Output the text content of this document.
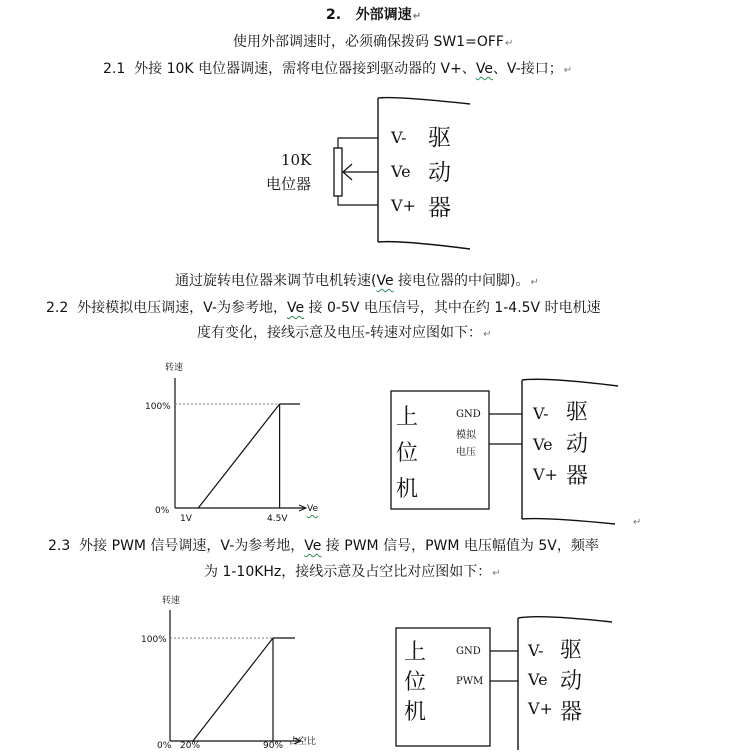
2. 外部调速↵
使用外部调速时，必须确保拨码 SW1=OFF↵
2.1 外接 10K 电位器调速，需将电位器接到驱动器的 V+、Ve、V-接口；↵
10K
电位器
V-
Ve
V+
驱
动
器
通过旋转电位器来调节电机转速(Ve 接电位器的中间脚)。↵
2.2 外接模拟电压调速，V-为参考地，Ve 接 0-5V 电压信号，其中在约 1-4.5V 时电机速
度有变化，接线示意及电压-转速对应图如下：↵
转速
100%
0%
1V	4.5V
Ve
上
位
机
GND
模拟
电压
V-
Ve
V+
驱
动
器
↵
2.3 外接 PWM 信号调速，V-为参考地，Ve 接 PWM 信号，PWM 电压幅值为 5V，频率
为 1-10KHz，接线示意及占空比对应图如下：↵
转速
100%
0% 20%	90% 占空比
上
位
机
GND
PWM
V-
Ve
V+
驱
动
器
